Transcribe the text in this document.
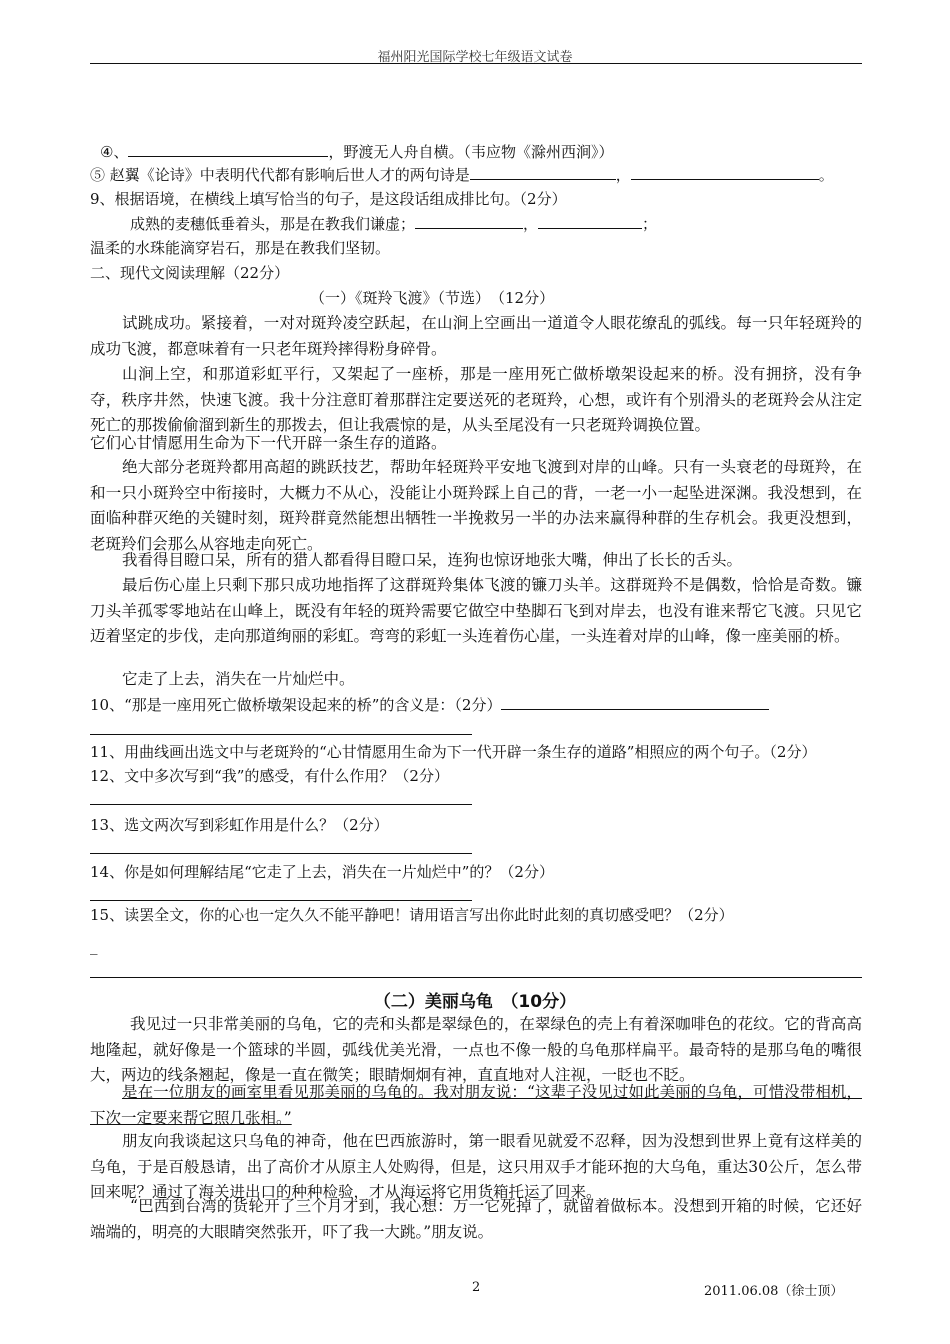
福州阳光国际学校七年级语文试卷
④、	，野渡无人舟自横。（韦应物《滁州西涧》）
⑤ 赵翼《论诗》中表明代代都有影响后世人才的两句诗是	，	。
9、根据语境，在横线上填写恰当的句子，是这段话组成排比句。（2分）
成熟的麦穗低垂着头，那是在教我们谦虚；	，	；
温柔的水珠能滴穿岩石，那是在教我们坚韧。
二、现代文阅读理解（22分）
（一）《斑羚飞渡》（节选）　（12分）
试跳成功。紧接着，一对对斑羚凌空跃起，在山涧上空画出一道道令人眼花缭乱的弧线。每一只年轻斑羚的成功飞渡，都意味着有一只老年斑羚摔得粉身碎骨。
山涧上空，和那道彩虹平行，又架起了一座桥，那是一座用死亡做桥墩架设起来的桥。没有拥挤，没有争夺，秩序井然，快速飞渡。我十分注意盯着那群注定要送死的老斑羚，心想，或许有个别滑头的老斑羚会从注定死亡的那拨偷偷溜到新生的那拨去，但让我震惊的是，从头至尾没有一只老斑羚调换位置。
它们心甘情愿用生命为下一代开辟一条生存的道路。
绝大部分老斑羚都用高超的跳跃技艺，帮助年轻斑羚平安地飞渡到对岸的山峰。只有一头衰老的母斑羚，在和一只小斑羚空中衔接时，大概力不从心，没能让小斑羚踩上自己的背，一老一小一起坠进深渊。我没想到，在面临种群灭绝的关键时刻，斑羚群竟然能想出牺牲一半挽救另一半的办法来赢得种群的生存机会。我更没想到，老斑羚们会那么从容地走向死亡。
我看得目瞪口呆，所有的猎人都看得目瞪口呆，连狗也惊讶地张大嘴，伸出了长长的舌头。
最后伤心崖上只剩下那只成功地指挥了这群斑羚集体飞渡的镰刀头羊。这群斑羚不是偶数，恰恰是奇数。镰刀头羊孤零零地站在山峰上，既没有年轻的斑羚需要它做空中垫脚石飞到对岸去，也没有谁来帮它飞渡。只见它迈着坚定的步伐，走向那道绚丽的彩虹。弯弯的彩虹一头连着伤心崖，一头连着对岸的山峰，像一座美丽的桥。
它走了上去，消失在一片灿烂中。
10、“那是一座用死亡做桥墩架设起来的桥”的含义是：（2分）
11、用曲线画出选文中与老斑羚的“心甘情愿用生命为下一代开辟一条生存的道路”相照应的两个句子。（2分）
12、文中多次写到“我”的感受，有什么作用？（2分）
13、选文两次写到彩虹作用是什么？（2分）
14、你是如何理解结尾“它走了上去，消失在一片灿烂中”的？（2分）
15、读罢全文，你的心也一定久久不能平静吧！请用语言写出你此时此刻的真切感受吧？（2分）
_
（二）美丽乌龟　（10分）
我见过一只非常美丽的乌龟，它的壳和头都是翠绿色的，在翠绿色的壳上有着深咖啡色的花纹。它的背高高地隆起，就好像是一个篮球的半圆，弧线优美光滑，一点也不像一般的乌龟那样扁平。最奇特的是那乌龟的嘴很大，两边的线条翘起，像是一直在微笑；眼睛炯炯有神，直直地对人注视，一眨也不眨。
是在一位朋友的画室里看见那美丽的乌龟的。我对朋友说：“这辈子没见过如此美丽的乌龟，可惜没带相机，下次一定要来帮它照几张相。”
朋友向我谈起这只乌龟的神奇，他在巴西旅游时，第一眼看见就爱不忍释，因为没想到世界上竟有这样美的乌龟，于是百般恳请，出了高价才从原主人处购得，但是，这只用双手才能环抱的大乌龟，重达30公斤，怎么带回来呢？通过了海关进出口的种种检验，才从海运将它用货箱托运了回来。
“巴西到台湾的货轮开了三个月才到，我心想：万一它死掉了，就留着做标本。没想到开箱的时候，它还好端端的，明亮的大眼睛突然张开，吓了我一大跳。”朋友说。
2	2011.06.08（徐士顶）
